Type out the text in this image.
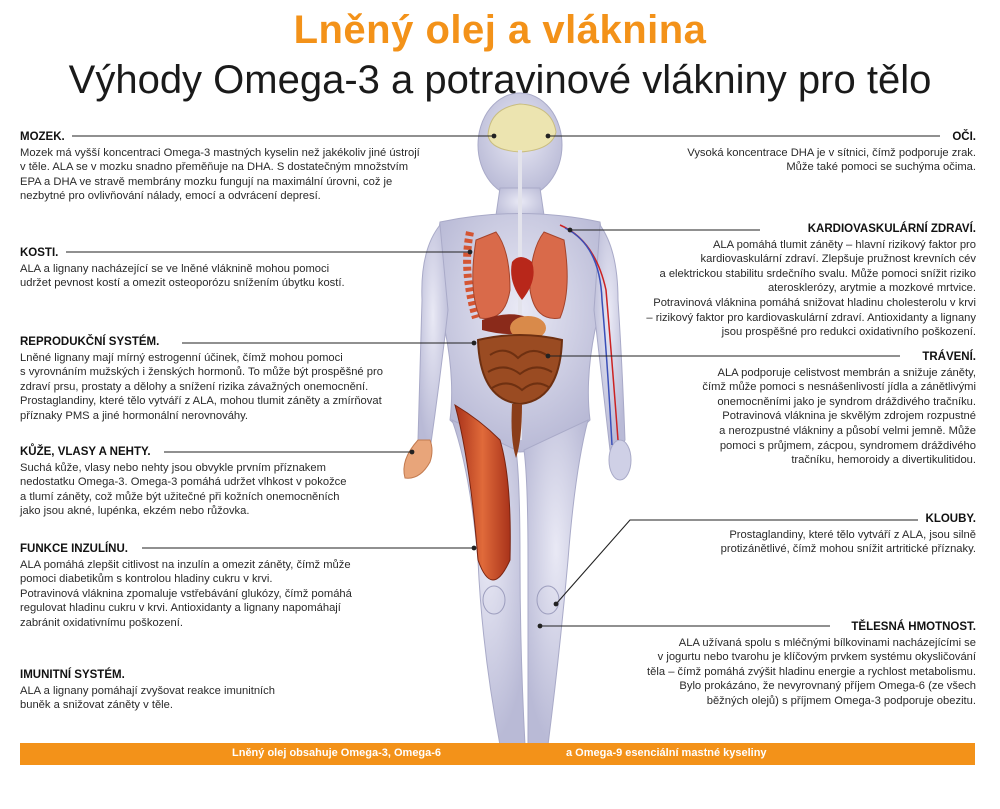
Lněný olej a vláknina
Výhody Omega-3 a potravinové vlákniny pro tělo
MOZEK.
Mozek má vyšší koncentraci Omega-3 mastných kyselin než jakékoliv jiné ústrojí
v těle. ALA se v mozku snadno přeměňuje na DHA. S dostatečným množstvím
EPA a DHA ve stravě membrány mozku fungují na maximální úrovni, což je
nezbytné pro ovlivňování nálady, emocí a odvrácení depresí.
KOSTI.
ALA a lignany nacházející se ve lněné vláknině mohou pomoci
udržet pevnost kostí a omezit osteoporózu snížením úbytku kostí.
REPRODUKČNÍ SYSTÉM.
Lněné lignany mají mírný estrogenní účinek, čímž mohou pomoci
s vyrovnáním mužských i ženských hormonů. To může být prospěšné pro
zdraví prsu, prostaty a dělohy a snížení rizika závažných onemocnění.
Prostaglandiny, které tělo vytváří z ALA, mohou tlumit záněty a zmírňovat
příznaky PMS a jiné hormonální nerovnováhy.
KŮŽE, VLASY A NEHTY.
Suchá kůže, vlasy nebo nehty jsou obvykle prvním příznakem
nedostatku Omega-3. Omega-3 pomáhá udržet vlhkost v pokožce
a tlumí záněty, což může být užitečné při kožních onemocněních
jako jsou akné, lupénka, ekzém nebo růžovka.
FUNKCE INZULÍNU.
ALA pomáhá zlepšit citlivost na inzulín a omezit záněty, čímž může
pomoci diabetikům s kontrolou hladiny cukru v krvi.
Potravinová vláknina zpomaluje vstřebávání glukózy, čímž pomáhá
regulovat hladinu cukru v krvi. Antioxidanty a lignany napomáhají
zabránit oxidativnímu poškození.
IMUNITNÍ SYSTÉM.
ALA a lignany pomáhají zvyšovat reakce imunitních
buněk a snižovat záněty v těle.
OČI.
Vysoká koncentrace DHA je v sítnici, čímž podporuje zrak.
Může také pomoci se suchýma očima.
KARDIOVASKULÁRNÍ ZDRAVÍ.
ALA pomáhá tlumit záněty – hlavní rizikový faktor pro
kardiovaskulární zdraví. Zlepšuje pružnost krevních cév
a elektrickou stabilitu srdečního svalu. Může pomoci snížit riziko
aterosklerózy, arytmie a mozkové mrtvice.
Potravinová vláknina pomáhá snižovat hladinu cholesterolu v krvi
– rizikový faktor pro kardiovaskulární zdraví. Antioxidanty a lignany
jsou prospěšné pro redukci oxidativního poškození.
TRÁVENÍ.
ALA podporuje celistvost membrán a snižuje záněty,
čímž může pomoci s nesnášenlivostí jídla a zánětlivými
onemocněními jako je syndrom dráždivého tračníku.
Potravinová vláknina je skvělým zdrojem rozpustné
a nerozpustné vlákniny a působí velmi jemně. Může
pomoci s průjmem, zácpou, syndromem dráždivého
tračníku, hemoroidy a divertikulitidou.
KLOUBY.
Prostaglandiny, které tělo vytváří z ALA, jsou silně
protizánětlivé, čímž mohou snížit artritické příznaky.
TĚLESNÁ HMOTNOST.
ALA užívaná spolu s mléčnými bílkovinami nacházejícími se
v jogurtu nebo tvarohu je klíčovým prvkem systému okysličování
těla – čímž pomáhá zvýšit hladinu energie a rychlost metabolismu.
Bylo prokázáno, že nevyrovnaný příjem Omega-6 (ze všech
běžných olejů) s příjmem Omega-3 podporuje obezitu.
Lněný olej obsahuje Omega-3, Omega-6	a Omega-9 esenciální mastné kyseliny
